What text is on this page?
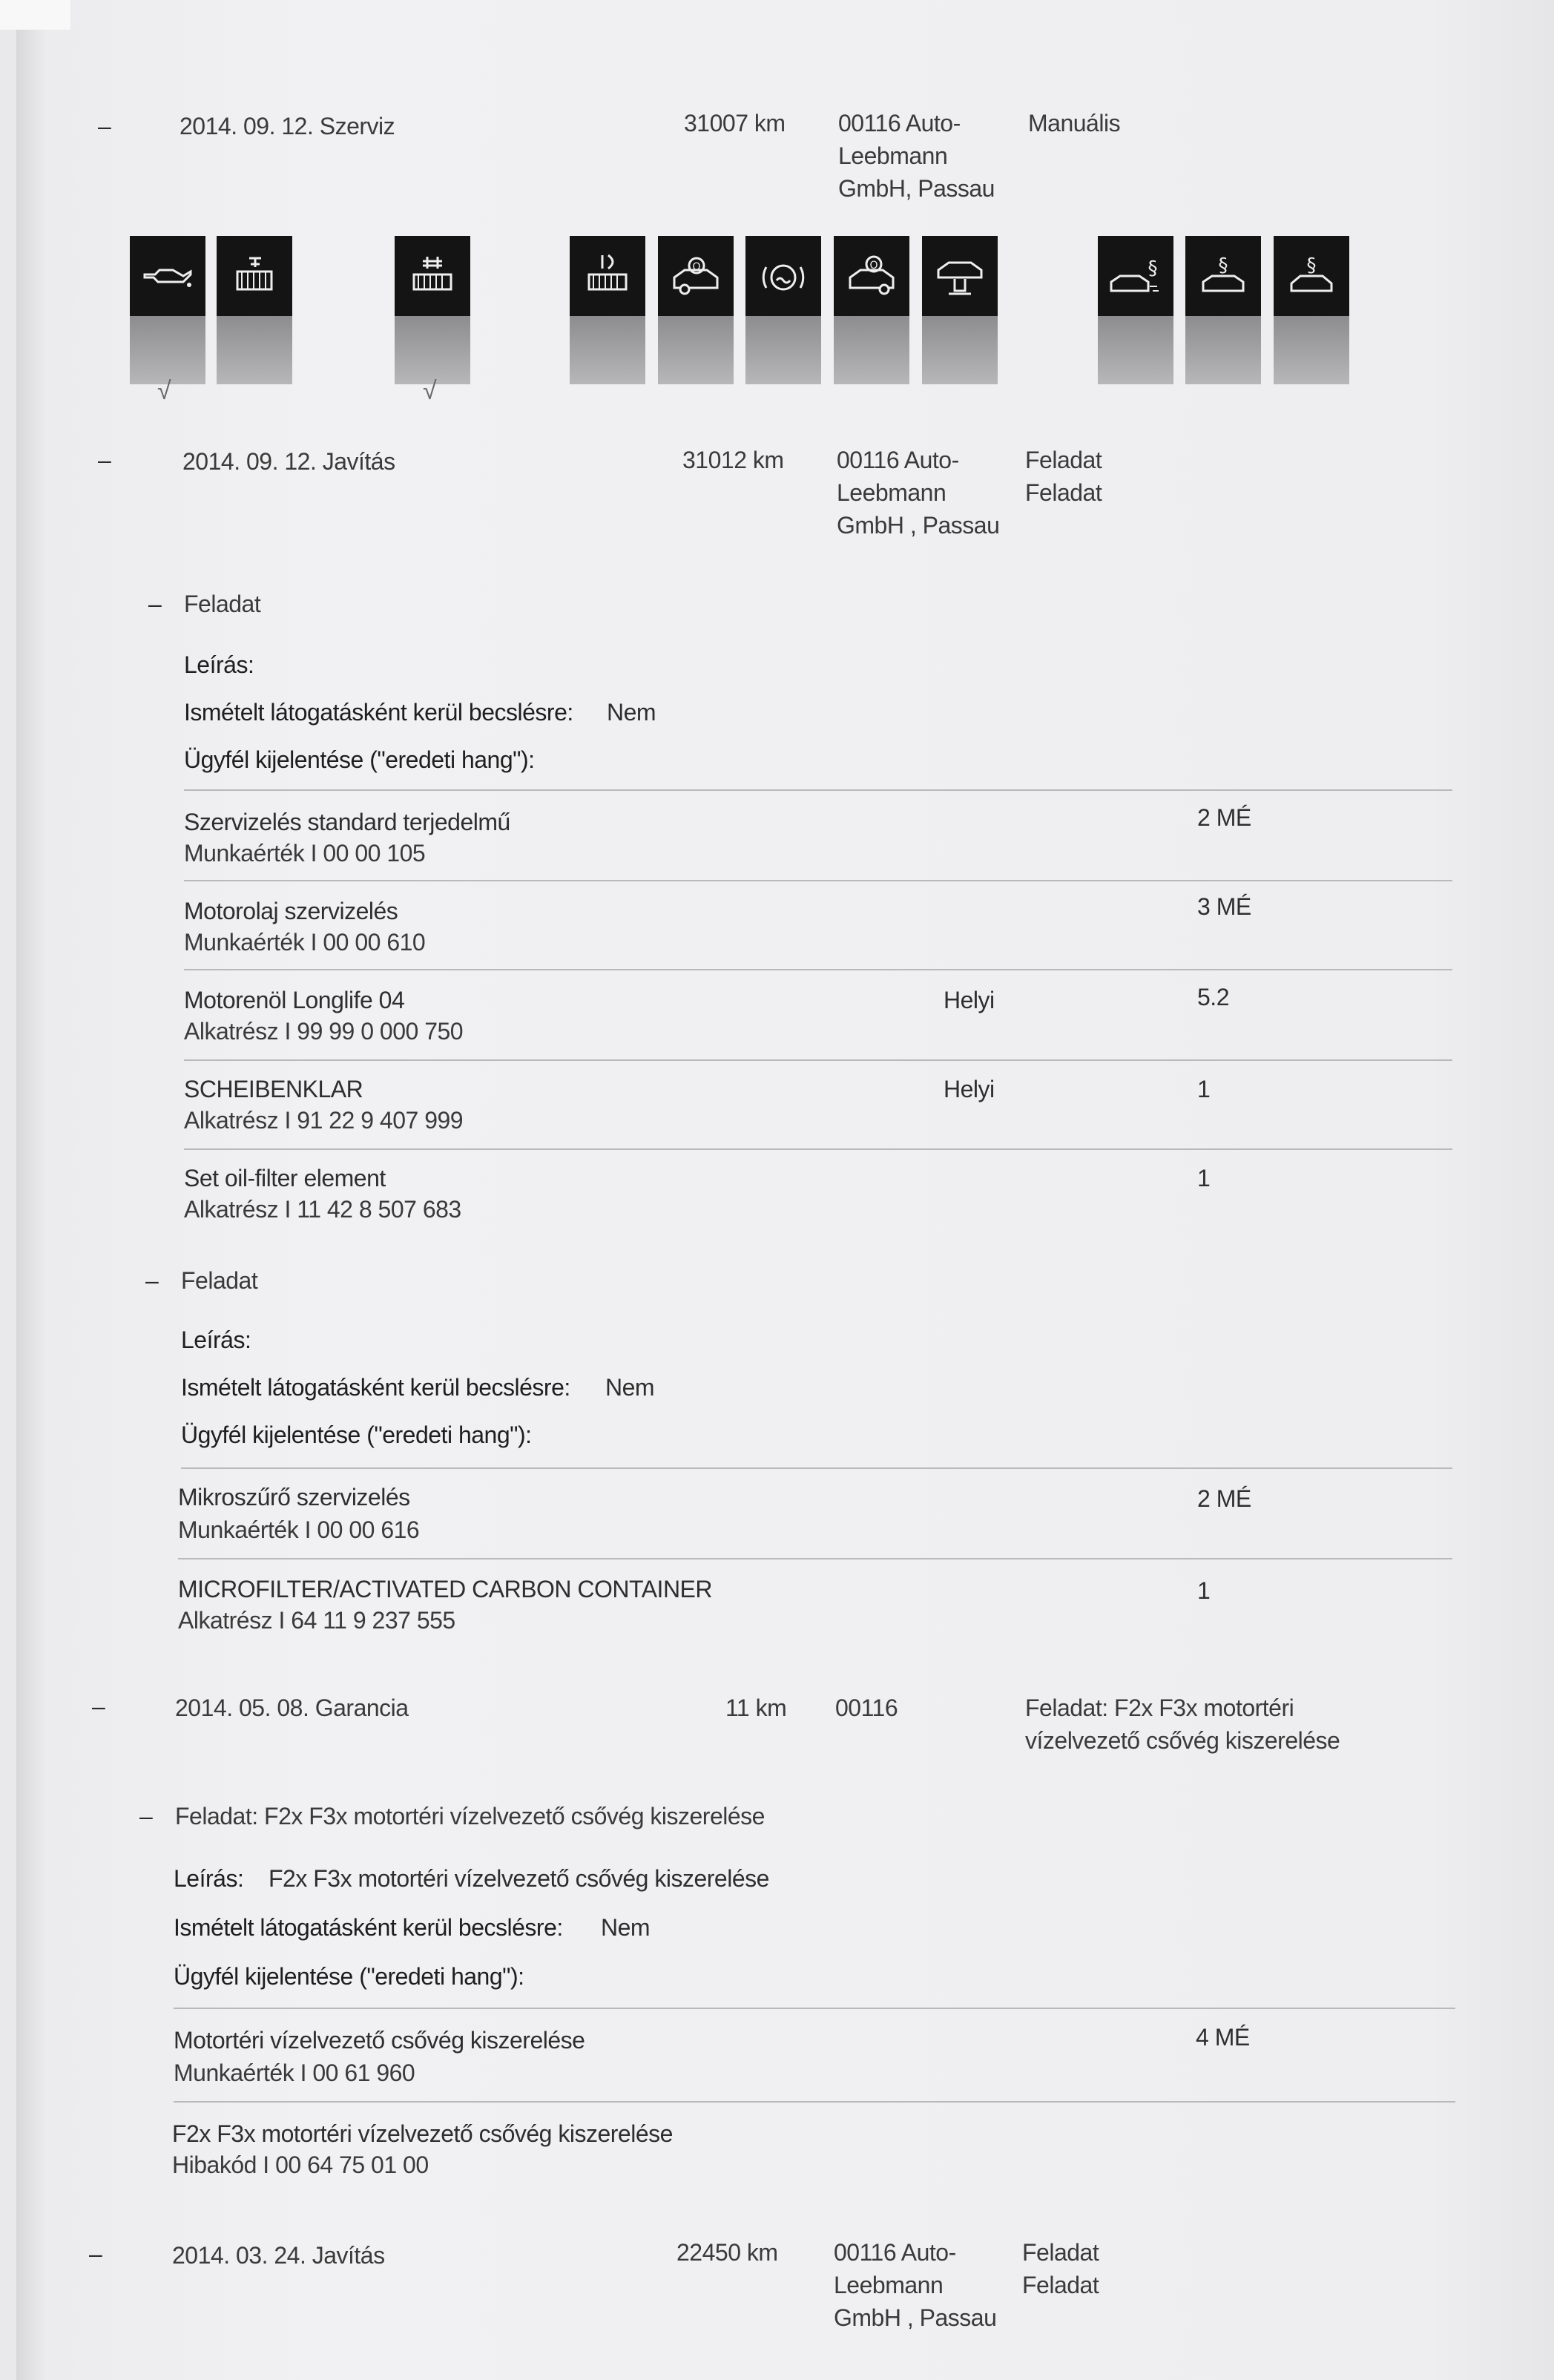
–	2014. 09. 12. Szerviz	31007 km 00116 Auto-
Leebmann
GmbH, Passau
Manuális
√	√
O	O	§	§	§
–	2014. 09. 12. Javítás	31012 km 00116 Auto-
Leebmann
GmbH , Passau
Feladat
Feladat
– Feladat
Leírás:
Ismételt látogatásként kerül becslésre: Nem
Ügyfél kijelentése ("eredeti hang"):
Szervizelés standard terjedelmű
Munkaérték I 00 00 105
2 MÉ
Motorolaj szervizelés
Munkaérték I 00 00 610
3 MÉ
Motorenöl Longlife 04
Alkatrész I 99 99 0 000 750
Helyi	5.2
SCHEIBENKLAR
Alkatrész I 91 22 9 407 999
Helyi	1
Set oil-filter element
Alkatrész I 11 42 8 507 683
1
– Feladat
Leírás:
Ismételt látogatásként kerül becslésre: Nem
Ügyfél kijelentése ("eredeti hang"):
Mikroszűrő szervizelés
Munkaérték I 00 00 616
2 MÉ
MICROFILTER/ACTIVATED CARBON CONTAINER
Alkatrész I 64 11 9 237 555
1
–	2014. 05. 08. Garancia	11 km 00116	Feladat: F2x F3x motortéri
vízelvezető csővég kiszerelése
– Feladat: F2x F3x motortéri vízelvezető csővég kiszerelése
Leírás: F2x F3x motortéri vízelvezető csővég kiszerelése
Ismételt látogatásként kerül becslésre: Nem
Ügyfél kijelentése ("eredeti hang"):
Motortéri vízelvezető csővég kiszerelése
Munkaérték I 00 61 960
4 MÉ
F2x F3x motortéri vízelvezető csővég kiszerelése
Hibakód I 00 64 75 01 00
–	2014. 03. 24. Javítás	22450 km 00116 Auto-
Leebmann
GmbH , Passau
Feladat
Feladat
